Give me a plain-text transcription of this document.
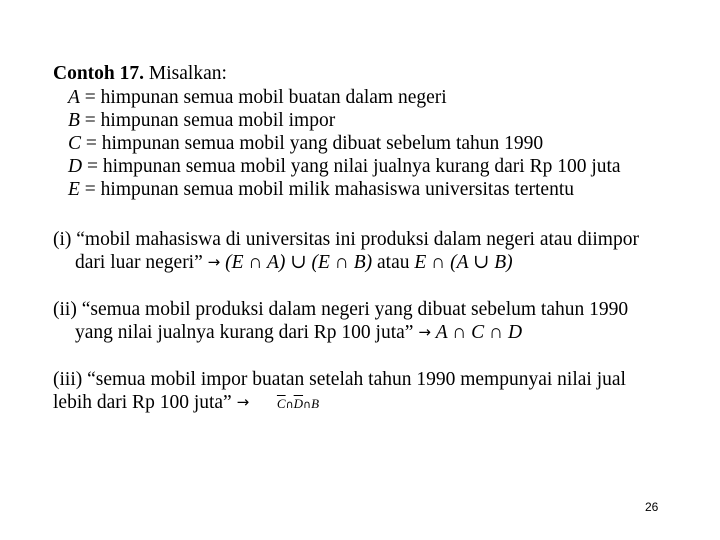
Contoh 17. Misalkan:
A = himpunan semua mobil buatan dalam negeri
B = himpunan semua mobil impor
C = himpunan semua mobil yang dibuat sebelum tahun 1990
D = himpunan semua mobil yang nilai jualnya kurang dari Rp 100 juta
E = himpunan semua mobil milik mahasiswa universitas tertentu
(i) “mobil mahasiswa di universitas ini produksi dalam negeri atau diimpor
dari luar negeri” → (E ∩ A) ∪ (E ∩ B) atau E ∩ (A ∪ B)
(ii) “semua mobil produksi dalam negeri yang dibuat sebelum tahun 1990
yang nilai jualnya kurang dari Rp 100 juta” → A ∩ C ∩ D
(iii) “semua mobil impor buatan setelah tahun 1990 mempunyai nilai jual
lebih dari Rp 100 juta” → $\overline{C}\cap\overline{D}\cap B$
26
